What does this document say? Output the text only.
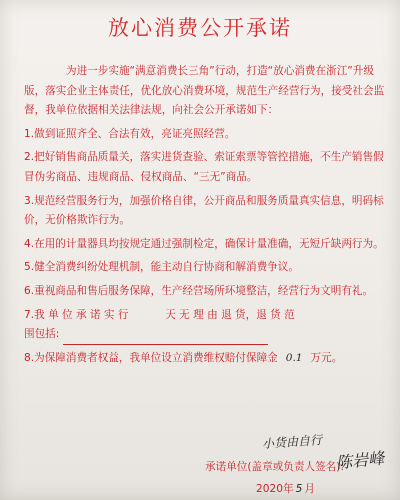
放心消费公开承诺

为进一步实施“满意消费长三角”行动，打造“放心消费在浙江”升级版，落实企业主体责任，优化放心消费环境，规范生产经营行为，接受社会监督，我单位依据相关法律法规，向社会公开承诺如下：

1.做到证照齐全、合法有效，亮证亮照经营。

2.把好销售商品质量关，落实进货查验、索证索票等管控措施，不生产销售假冒伪劣商品、违规商品、侵权商品、“三无”商品。

3.规范经营服务行为，加强价格自律，公开商品和服务质量真实信息，明码标价，无价格欺诈行为。

4.在用的计量器具均按规定通过强制检定，确保计量准确，无短斤缺两行为。

5.健全消费纠纷处理机制，能主动自行协商和解消费争议。

6.重视商品和售后服务保障，生产经营场所环境整洁，经营行为文明有礼。

7.我 单 位 承 诺 实 行	天 无 理 由 退 货，退 货 范
围包括:

8.为保障消费者权益，我单位设立消费维权赔付保障金 0.1 万元。

小货由自行
承诺单位(盖章或负责人签名):
陈岩峰
2020年 5 月
